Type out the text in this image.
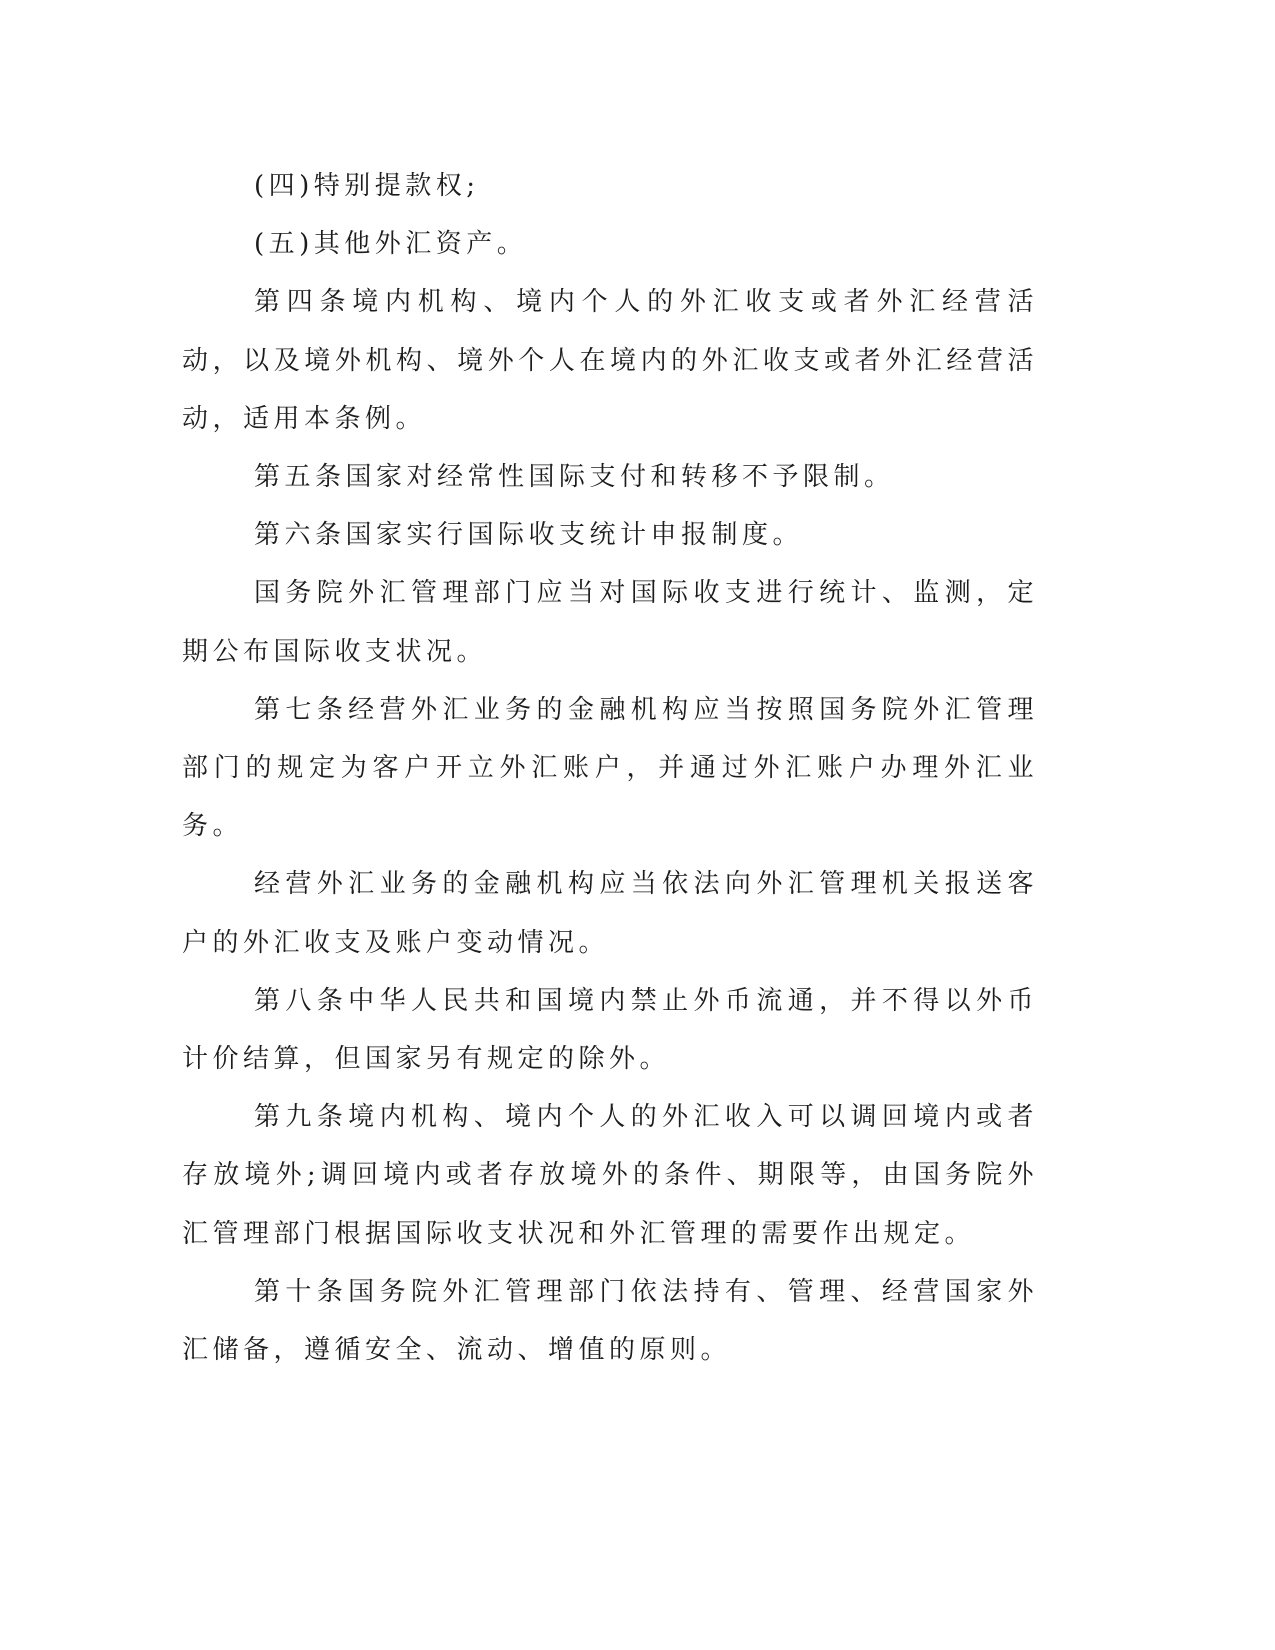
(四)特别提款权;

(五)其他外汇资产。

第四条境内机构、境内个人的外汇收支或者外汇经营活动，以及境外机构、境外个人在境内的外汇收支或者外汇经营活动，适用本条例。

第五条国家对经常性国际支付和转移不予限制。

第六条国家实行国际收支统计申报制度。

国务院外汇管理部门应当对国际收支进行统计、监测，定期公布国际收支状况。

第七条经营外汇业务的金融机构应当按照国务院外汇管理部门的规定为客户开立外汇账户，并通过外汇账户办理外汇业务。

经营外汇业务的金融机构应当依法向外汇管理机关报送客户的外汇收支及账户变动情况。

第八条中华人民共和国境内禁止外币流通，并不得以外币计价结算，但国家另有规定的除外。

第九条境内机构、境内个人的外汇收入可以调回境内或者存放境外;调回境内或者存放境外的条件、期限等，由国务院外汇管理部门根据国际收支状况和外汇管理的需要作出规定。

第十条国务院外汇管理部门依法持有、管理、经营国家外汇储备，遵循安全、流动、增值的原则。
